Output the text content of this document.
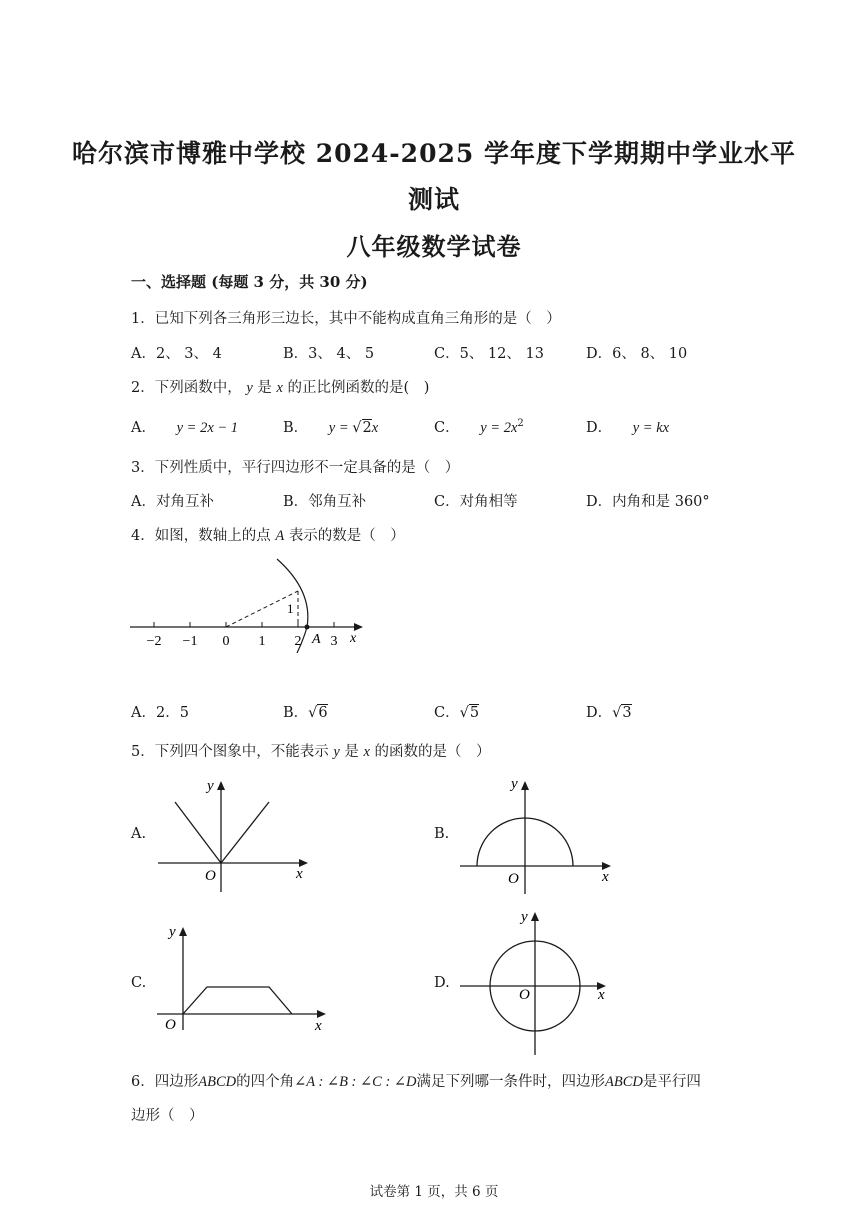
哈尔滨市博雅中学校 2024-2025 学年度下学期期中学业水平
测试
八年级数学试卷
一、选择题 (每题 3 分，共 30 分)
1．已知下列各三角形三边长，其中不能构成直角三角形的是（　）
A．2、 3、 4	B．3、 4、 5	C．5、 12、 13	D．6、 8、 10
2．下列函数中， y 是 x 的正比例函数的是(　)
A． y = 2x − 1	B． y = √2x	C． $y = 2x^2$	D． y = kx
3．下列性质中，平行四边形不一定具备的是（　）
A．对角互补	B．邻角互补	C．对角相等	D．内角和是 360°
4．如图，数轴上的点 A 表示的数是（　）
−2 −1 0 1 2 3
A x
1
A．2．5	B．√6	C．√5	D．√3
5．下列四个图象中，不能表示 y 是 x 的函数的是（　）
A.
y
x
O
B.
y
x
O
C.
y
x
O
D.
y
x
O
6．四边形ABCD的四个角∠A : ∠B : ∠C : ∠D满足下列哪一条件时，四边形ABCD是平行四
边形（　）
试卷第 1 页，共 6 页
